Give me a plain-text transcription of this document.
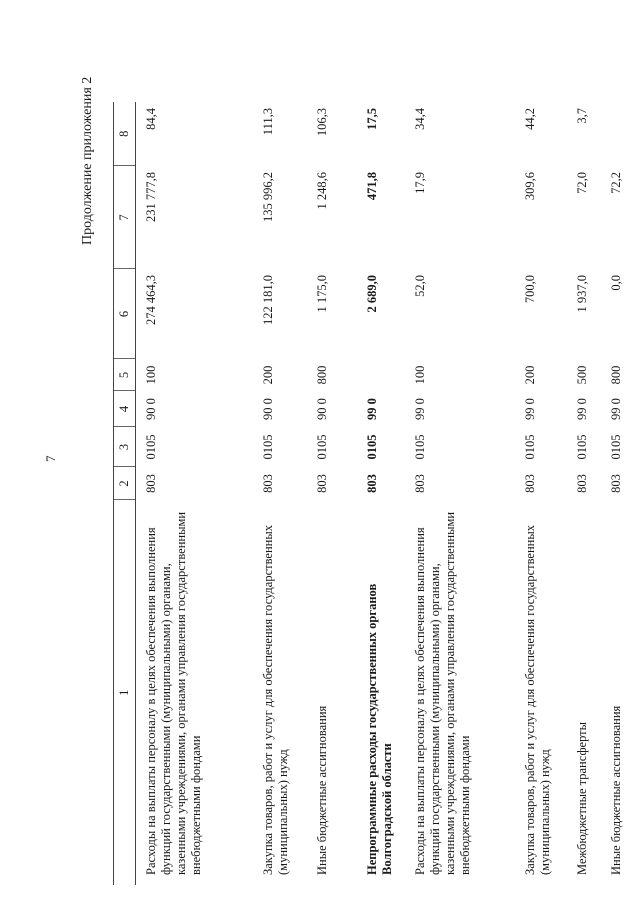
7
Продолжение приложения 2
1	2	3	4	5	6	7	8
Расходы на выплаты персоналу в целях обеспечения выполнения функций государственными (муниципальными) органами, казенными учреждениями, органами управления государственными внебюджетными фондами	803	0105	90 0	100	274 464,3	231 777,8	84,4
Закупка товаров, работ и услуг для обеспечения государственных (муниципальных) нужд	803	0105	90 0	200	122 181,0	135 996,2	111,3
Иные бюджетные ассигнования	803	0105	90 0	800	1 175,0	1 248,6	106,3
Непрограммные расходы государственных органов Волгоградской области	803	0105	99 0		2 689,0	471,8	17,5
Расходы на выплаты персоналу в целях обеспечения выполнения функций государственными (муниципальными) органами, казенными учреждениями, органами управления государственными внебюджетными фондами	803	0105	99 0	100	52,0	17,9	34,4
Закупка товаров, работ и услуг для обеспечения государственных (муниципальных) нужд	803	0105	99 0	200	700,0	309,6	44,2
Межбюджетные трансферты	803	0105	99 0	500	1 937,0	72,0	3,7
Иные бюджетные ассигнования	803	0105	99 0	800	0,0	72,2	
